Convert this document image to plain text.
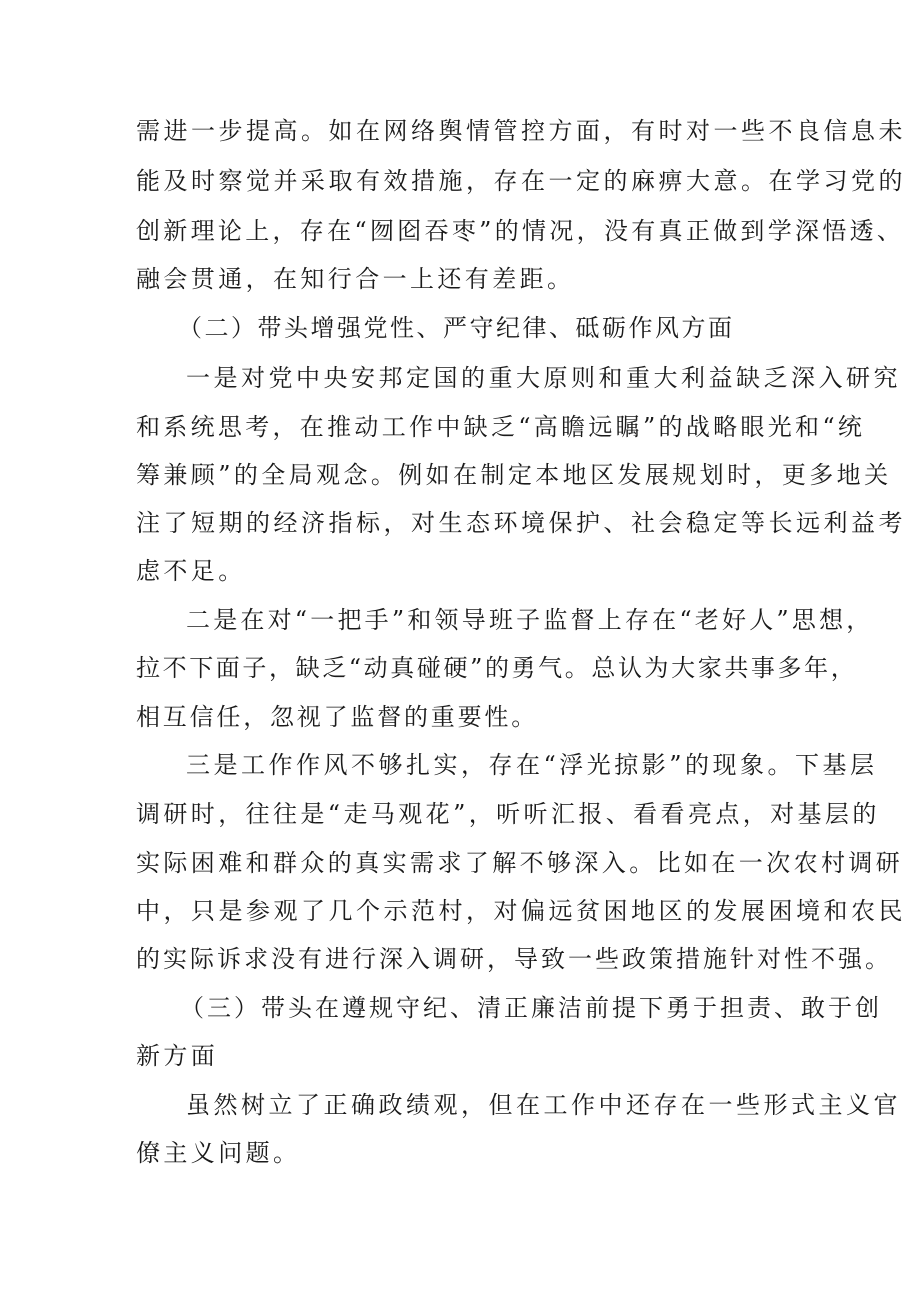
需进一步提高。如在网络舆情管控方面，有时对一些不良信息未
能及时察觉并采取有效措施，存在一定的麻痹大意。在学习党的
创新理论上，存在“囫囵吞枣”的情况，没有真正做到学深悟透、
融会贯通，在知行合一上还有差距。
（二）带头增强党性、严守纪律、砥砺作风方面
一是对党中央安邦定国的重大原则和重大利益缺乏深入研究
和系统思考，在推动工作中缺乏“高瞻远瞩”的战略眼光和“统
筹兼顾”的全局观念。例如在制定本地区发展规划时，更多地关
注了短期的经济指标，对生态环境保护、社会稳定等长远利益考
虑不足。
二是在对“一把手”和领导班子监督上存在“老好人”思想，
拉不下面子，缺乏“动真碰硬”的勇气。总认为大家共事多年，
相互信任，忽视了监督的重要性。
三是工作作风不够扎实，存在“浮光掠影”的现象。下基层
调研时，往往是“走马观花”，听听汇报、看看亮点，对基层的
实际困难和群众的真实需求了解不够深入。比如在一次农村调研
中，只是参观了几个示范村，对偏远贫困地区的发展困境和农民
的实际诉求没有进行深入调研，导致一些政策措施针对性不强。
（三）带头在遵规守纪、清正廉洁前提下勇于担责、敢于创
新方面
虽然树立了正确政绩观，但在工作中还存在一些形式主义官
僚主义问题。
